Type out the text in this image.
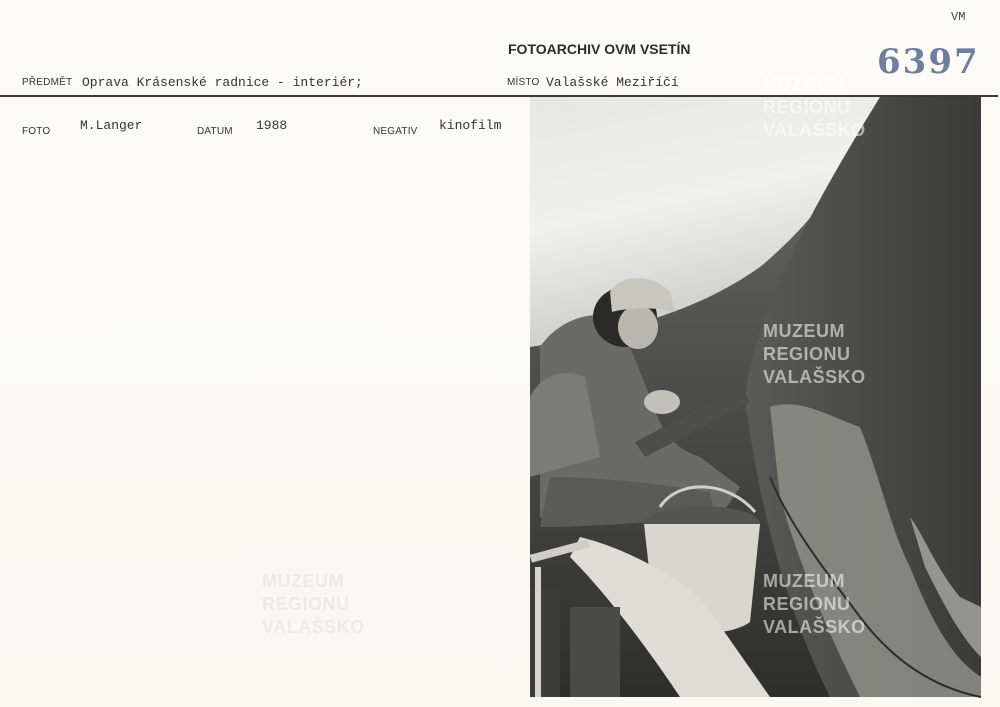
VM
FOTOARCHIV OVM VSETÍN	6397
PŘEDMĚT Oprava Krásenské radnice - interiér;	MÍSTO Valašské Meziříčí
FOTO M.Langer	DATUM 1988	NEGATIV kinofilm
MUZEUM
REGIONU
VALAŠSKO
MUZEUM
REGIONU
VALAŠSKO
MUZEUM
REGIONU
VALAŠSKO
MUZEUM
REGIONU
VALAŠSKO
